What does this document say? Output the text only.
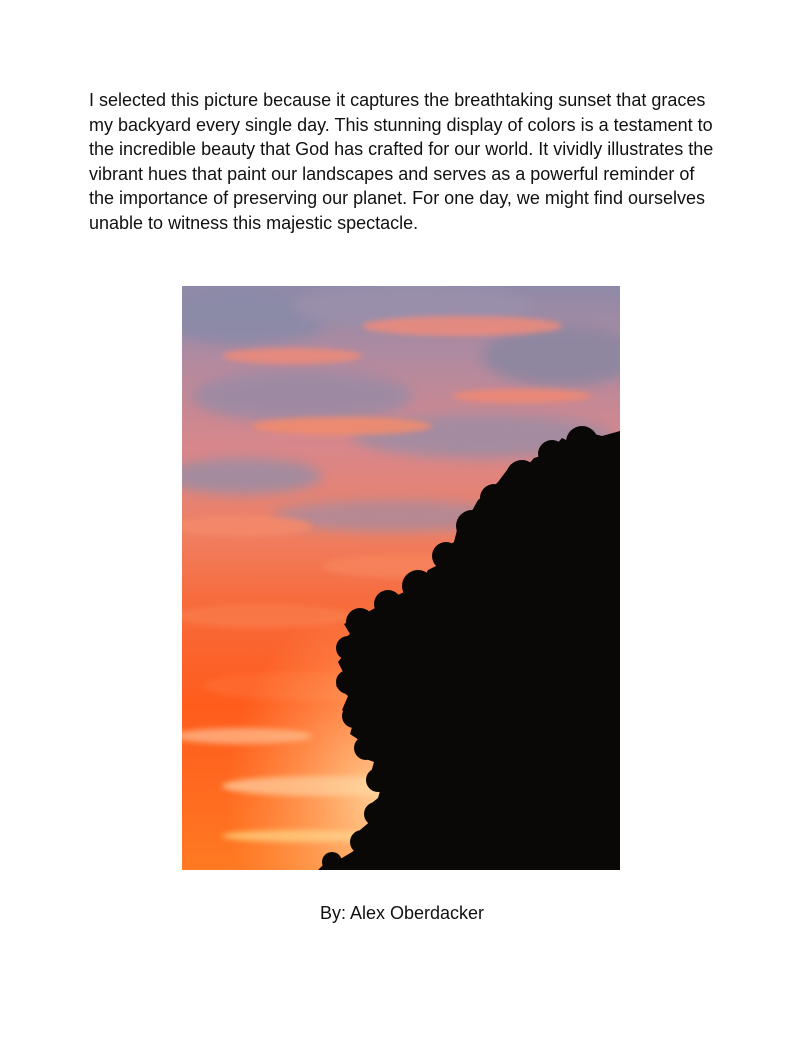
I selected this picture because it captures the breathtaking sunset that graces my backyard every single day. This stunning display of colors is a testament to the incredible beauty that God has crafted for our world. It vividly illustrates the vibrant hues that paint our landscapes and serves as a powerful reminder of the importance of preserving our planet. For one day, we might find ourselves unable to witness this majestic spectacle.

By: Alex Oberdacker
